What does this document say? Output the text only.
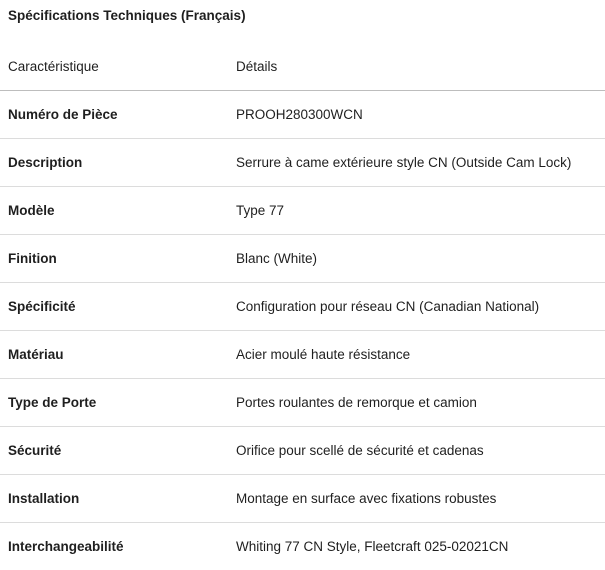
Spécifications Techniques (Français)
Caractéristique	Détails
Numéro de Pièce	PROOH280300WCN
Description	Serrure à came extérieure style CN (Outside Cam Lock)
Modèle	Type 77
Finition	Blanc (White)
Spécificité	Configuration pour réseau CN (Canadian National)
Matériau	Acier moulé haute résistance
Type de Porte	Portes roulantes de remorque et camion
Sécurité	Orifice pour scellé de sécurité et cadenas
Installation	Montage en surface avec fixations robustes
Interchangeabilité	Whiting 77 CN Style, Fleetcraft 025-02021CN
